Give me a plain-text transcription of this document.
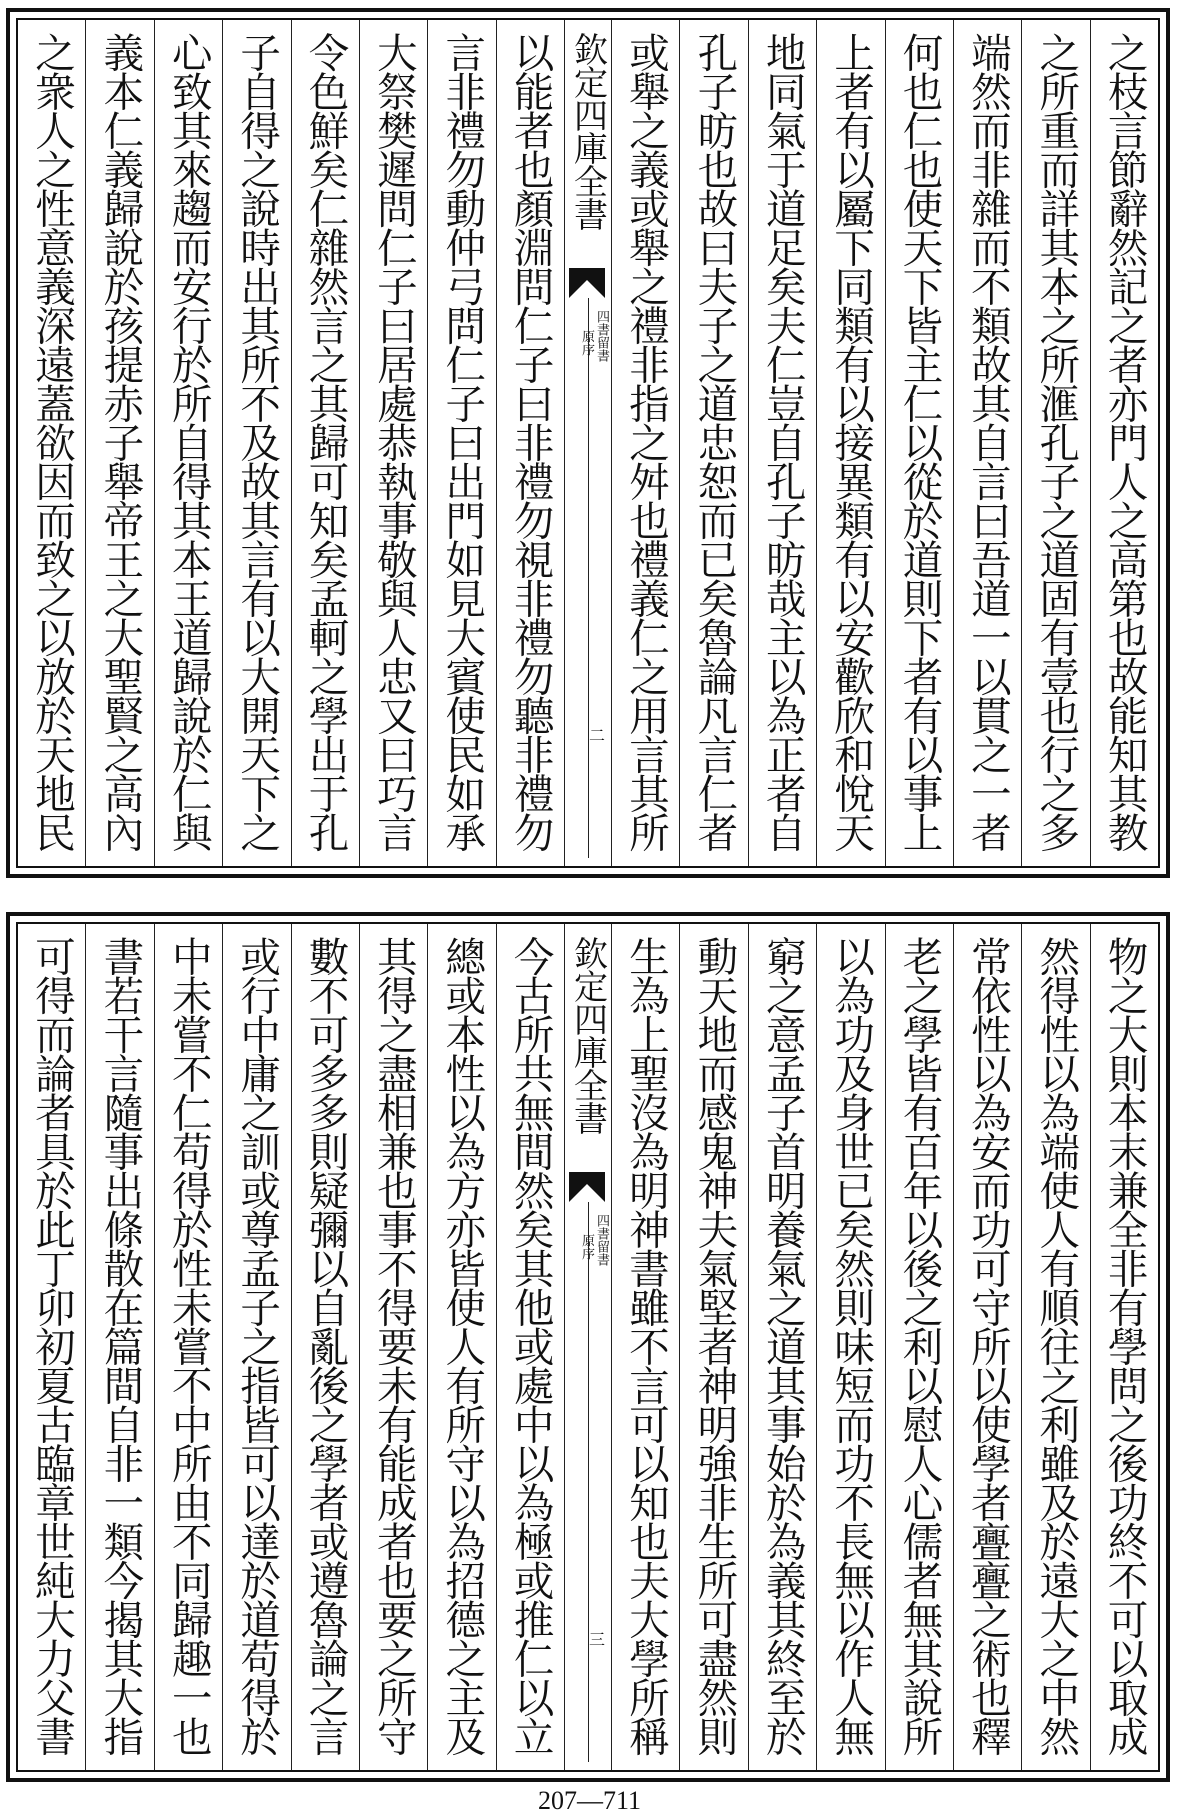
之枝言節辭然記之者亦門人之高第也故能知其教
之所重而詳其本之所滙孔子之道固有壹也行之多
端然而非雜而不類故其自言曰吾道一以貫之一者
何也仁也使天下皆主仁以從於道則下者有以事上
上者有以屬下同類有以接異類有以安歡欣和悅天
地同氣于道足矣夫仁豈自孔子昉哉主以為正者自
孔子昉也故曰夫子之道忠恕而已矣魯論凡言仁者
或舉之義或舉之禮非指之舛也禮義仁之用言其所
欽定四庫全書
四書留書
原序
二
以能者也顏淵問仁子曰非禮勿視非禮勿聽非禮勿
言非禮勿動仲弓問仁子曰出門如見大賓使民如承
大祭樊遲問仁子曰居處恭執事敬與人忠又曰巧言
令色鮮矣仁雜然言之其歸可知矣孟軻之學出于孔
子自得之說時出其所不及故其言有以大開天下之
心致其來趨而安行於所自得其本王道歸說於仁與
義本仁義歸說於孩提赤子舉帝王之大聖賢之高內
之衆人之性意義深遠蓋欲因而致之以放於天地民
物之大則本末兼全非有學問之後功終不可以取成
然得性以為端使人有順往之利雖及於遠大之中然
常依性以為安而功可守所以使學者亹亹之術也釋
老之學皆有百年以後之利以慰人心儒者無其說所
以為功及身世已矣然則味短而功不長無以作人無
窮之意孟子首明養氣之道其事始於為義其終至於
動天地而感鬼神夫氣堅者神明強非生所可盡然則
生為上聖沒為明神書雖不言可以知也夫大學所稱
欽定四庫全書
四書留書
原序
三
今古所共無間然矣其他或處中以為極或推仁以立
總或本性以為方亦皆使人有所守以為招德之主及
其得之盡相兼也事不得要未有能成者也要之所守
數不可多多則疑彌以自亂後之學者或遵魯論之言
或行中庸之訓或尊孟子之指皆可以達於道苟得於
中未嘗不仁苟得於性未嘗不中所由不同歸趣一也
書若干言隨事出條散在篇間自非一類今揭其大指
可得而論者具於此丁卯初夏古臨章世純大力父書
207—711
